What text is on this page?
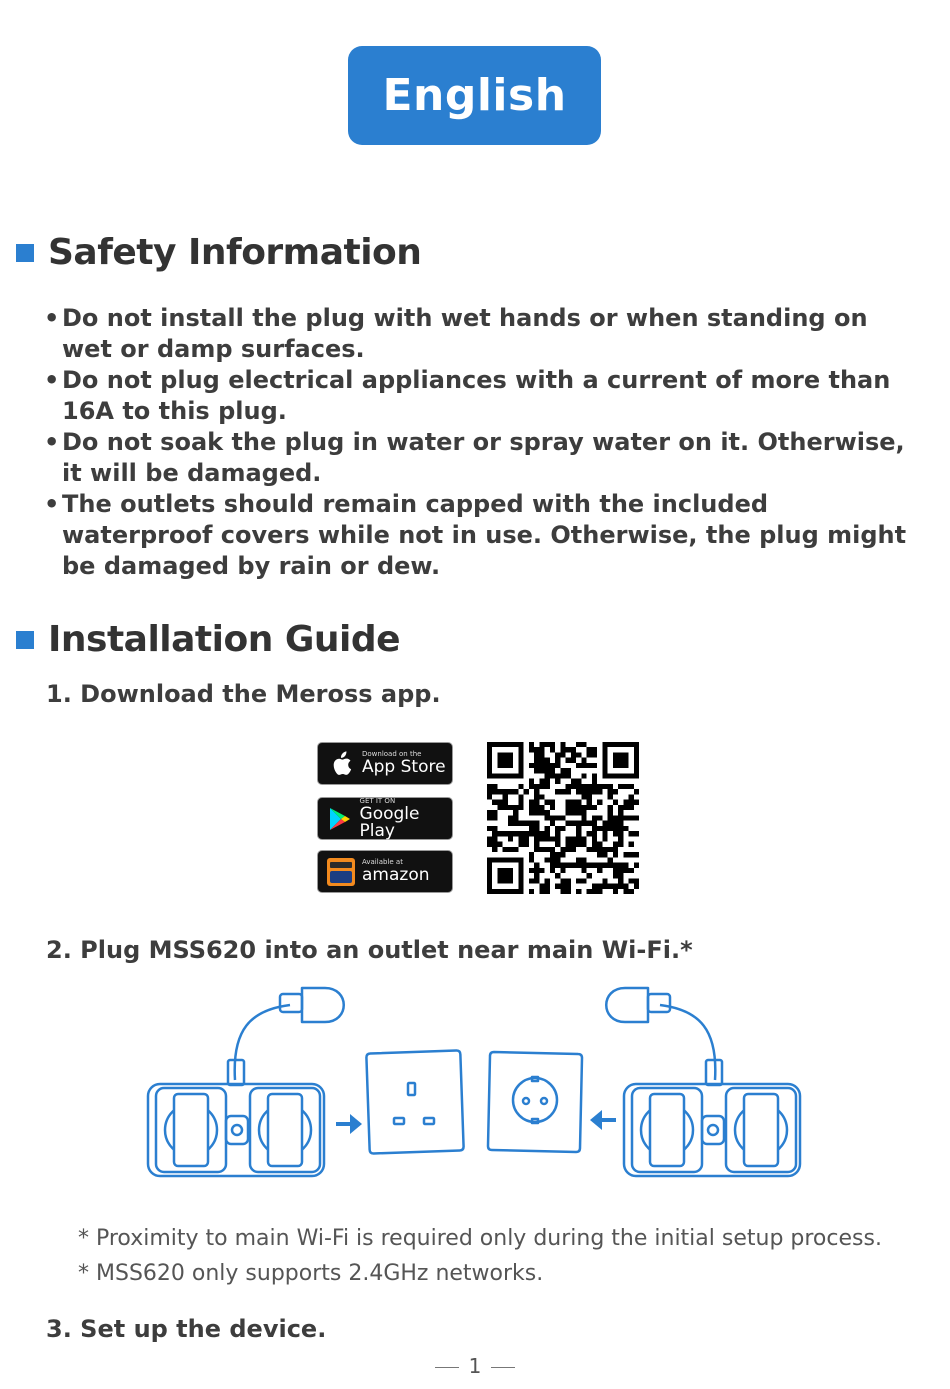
English
Safety Information
• Do not install the plug with wet hands or when standing on wet or damp surfaces.
• Do not plug electrical appliances with a current of more than 16A to this plug.
• Do not soak the plug in water or spray water on it. Otherwise, it will be damaged.
• The outlets should remain capped with the included waterproof covers while not in use. Otherwise, the plug might be damaged by rain or dew.
Installation Guide
1. Download the Meross app.
Download on the
App Store
GET IT ON
Google Play
Available at
amazon
2. Plug MSS620 into an outlet near main Wi-Fi.*
* Proximity to main Wi-Fi is required only during the initial setup process.
* MSS620 only supports 2.4GHz networks.
3. Set up the device.
1
